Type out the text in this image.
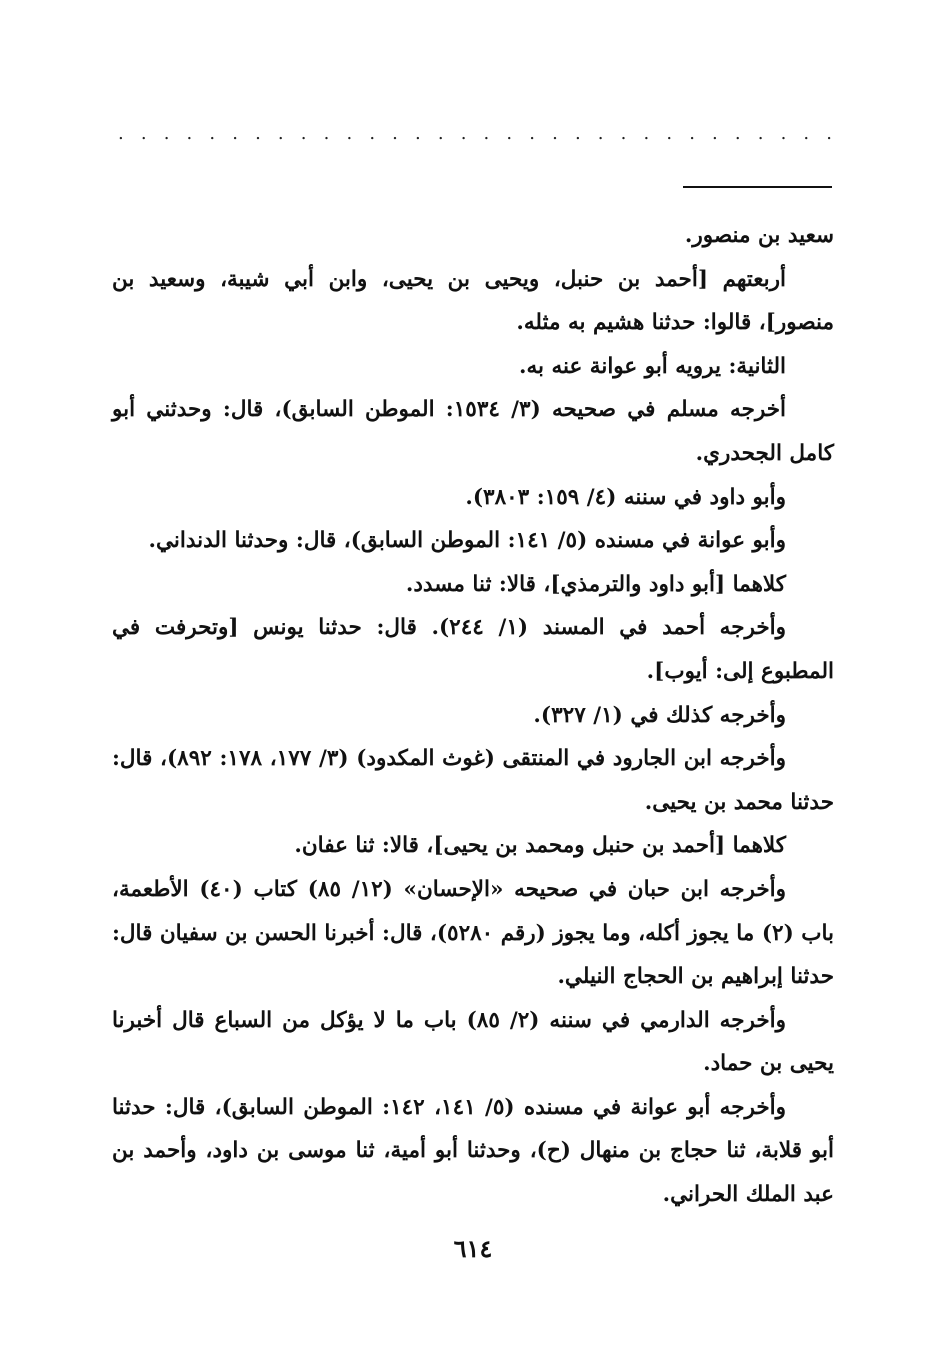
. . . . . . . . . . . . . . . . . . . . . . . . . . . . . . . .

سعيد بن منصور.

أربعتهم [أحمد بن حنبل، ويحيى بن يحيى، وابن أبي شيبة، وسعيد بن منصور]، قالوا: حدثنا هشيم به مثله.

الثانية: يرويه أبو عوانة عنه به.

أخرجه مسلم في صحيحه (٣/ ١٥٣٤: الموطن السابق)، قال: وحدثني أبو كامل الجحدري.

وأبو داود في سننه (٤/ ١٥٩: ٣٨٠٣).

وأبو عوانة في مسنده (٥/ ١٤١: الموطن السابق)، قال: وحدثنا الدنداني.

كلاهما [أبو داود والترمذي]، قالا: ثنا مسدد.

وأخرجه أحمد في المسند (١/ ٢٤٤). قال: حدثنا يونس [وتحرفت في المطبوع إلى: أيوب].

وأخرجه كذلك في (١/ ٣٢٧).

وأخرجه ابن الجارود في المنتقى (غوث المكدود) (٣/ ١٧٧، ١٧٨: ٨٩٢)، قال: حدثنا محمد بن يحيى.

كلاهما [أحمد بن حنبل ومحمد بن يحيى]، قالا: ثنا عفان.

وأخرجه ابن حبان في صحيحه «الإحسان» (١٢/ ٨٥) كتاب (٤٠) الأطعمة، باب (٢) ما يجوز أكله، وما يجوز (رقم ٥٢٨٠)، قال: أخبرنا الحسن بن سفيان قال: حدثنا إبراهيم بن الحجاج النيلي.

وأخرجه الدارمي في سننه (٢/ ٨٥) باب ما لا يؤكل من السباع قال أخبرنا يحيى بن حماد.

وأخرجه أبو عوانة في مسنده (٥/ ١٤١، ١٤٢: الموطن السابق)، قال: حدثنا أبو قلابة، ثنا حجاج بن منهال (ح)، وحدثنا أبو أمية، ثنا موسى بن داود، وأحمد بن عبد الملك الحراني.

٦١٤
